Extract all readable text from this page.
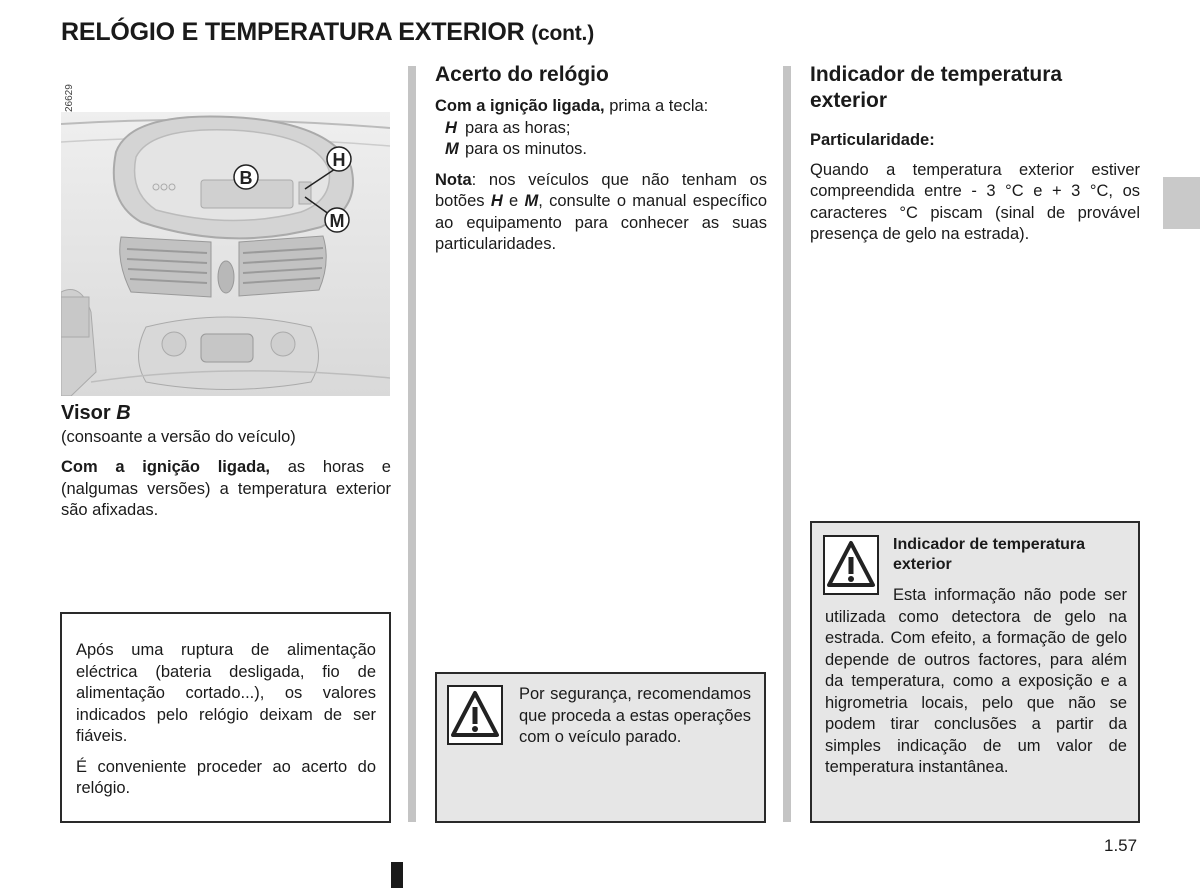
RELÓGIO E TEMPERATURA EXTERIOR (cont.)
26629
B
H
M
Visor B
(consoante a versão do veículo)
Com a ignição ligada, as horas e (nalgumas versões) a temperatura exterior são afixadas.
Após uma ruptura de alimentação eléctrica (bateria desligada, fio de alimentação cortado...), os valores indicados pelo relógio deixam de ser fiáveis.
É conveniente proceder ao acerto do relógio.
Acerto do relógio
Com a ignição ligada, prima a tecla:
H para as horas;
M para os minutos.
Nota: nos veículos que não tenham os botões H e M, consulte o manual específico ao equipamento para conhecer as suas particularidades.
Por segurança, recomendamos que proceda a estas operações com o veículo parado.
Indicador de temperatura exterior
Particularidade:
Quando a temperatura exterior estiver compreendida entre - 3 °C e + 3 °C, os caracteres °C piscam (sinal de provável presença de gelo na estrada).
Indicador de temperatura exterior
Esta informação não pode ser utilizada como detectora de gelo na estrada. Com efeito, a formação de gelo depende de outros factores, para além da temperatura, como a exposição e a higrometria locais, pelo que não se podem tirar conclusões a partir da simples indicação de um valor de temperatura instantânea.
1.57
